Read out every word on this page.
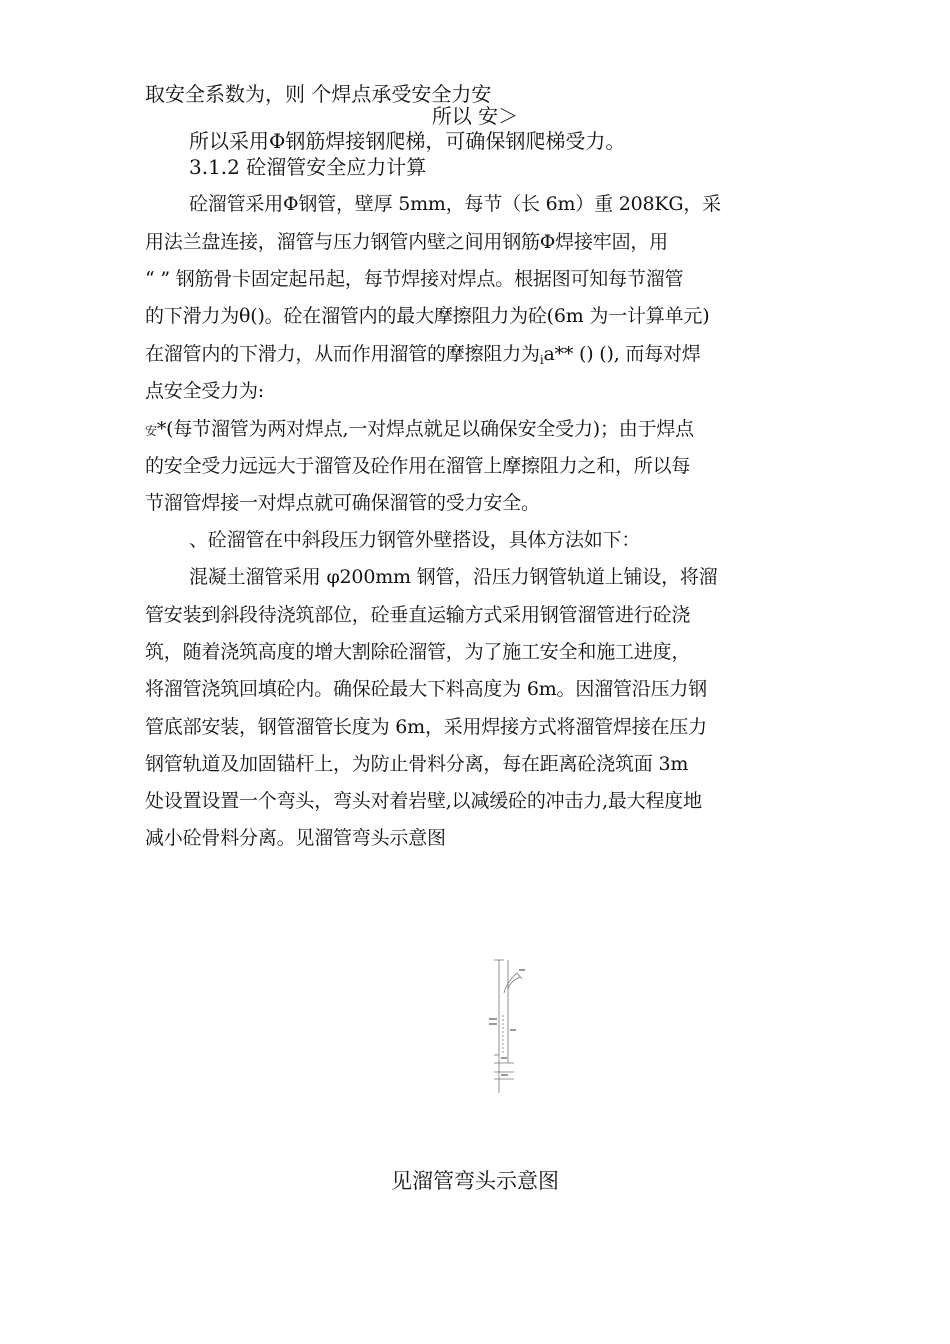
取安全系数为，则 个焊点承受安全力安
所以 安＞
所以采用Φ钢筋焊接钢爬梯，可确保钢爬梯受力。
3.1.2 砼溜管安全应力计算
砼溜管采用Φ钢管，壁厚 5mm，每节（长 6m）重 208KG，采
用法兰盘连接，溜管与压力钢管内壁之间用钢筋Φ焊接牢固，用
“ ” 钢筋骨卡固定起吊起，每节焊接对焊点。根据图可知每节溜管
的下滑力为θ()。砼在溜管内的最大摩擦阻力为砼(6m 为一计算单元)
在溜管内的下滑力，从而作用溜管的摩擦阻力为$_i$a** () (), 而每对焊
点安全受力为:
安*(每节溜管为两对焊点,一对焊点就足以确保安全受力)；由于焊点
的安全受力远远大于溜管及砼作用在溜管上摩擦阻力之和，所以每
节溜管焊接一对焊点就可确保溜管的受力安全。
、砼溜管在中斜段压力钢管外壁搭设，具体方法如下：
混凝土溜管采用 φ200mm 钢管，沿压力钢管轨道上铺设，将溜
管安装到斜段待浇筑部位，砼垂直运输方式采用钢管溜管进行砼浇
筑，随着浇筑高度的增大割除砼溜管，为了施工安全和施工进度，
将溜管浇筑回填砼内。确保砼最大下料高度为 6m。因溜管沿压力钢
管底部安装，钢管溜管长度为 6m，采用焊接方式将溜管焊接在压力
钢管轨道及加固锚杆上，为防止骨料分离，每在距离砼浇筑面 3m
处设置设置一个弯头，弯头对着岩壁,以减缓砼的冲击力,最大程度地
减小砼骨料分离。见溜管弯头示意图
见溜管弯头示意图
